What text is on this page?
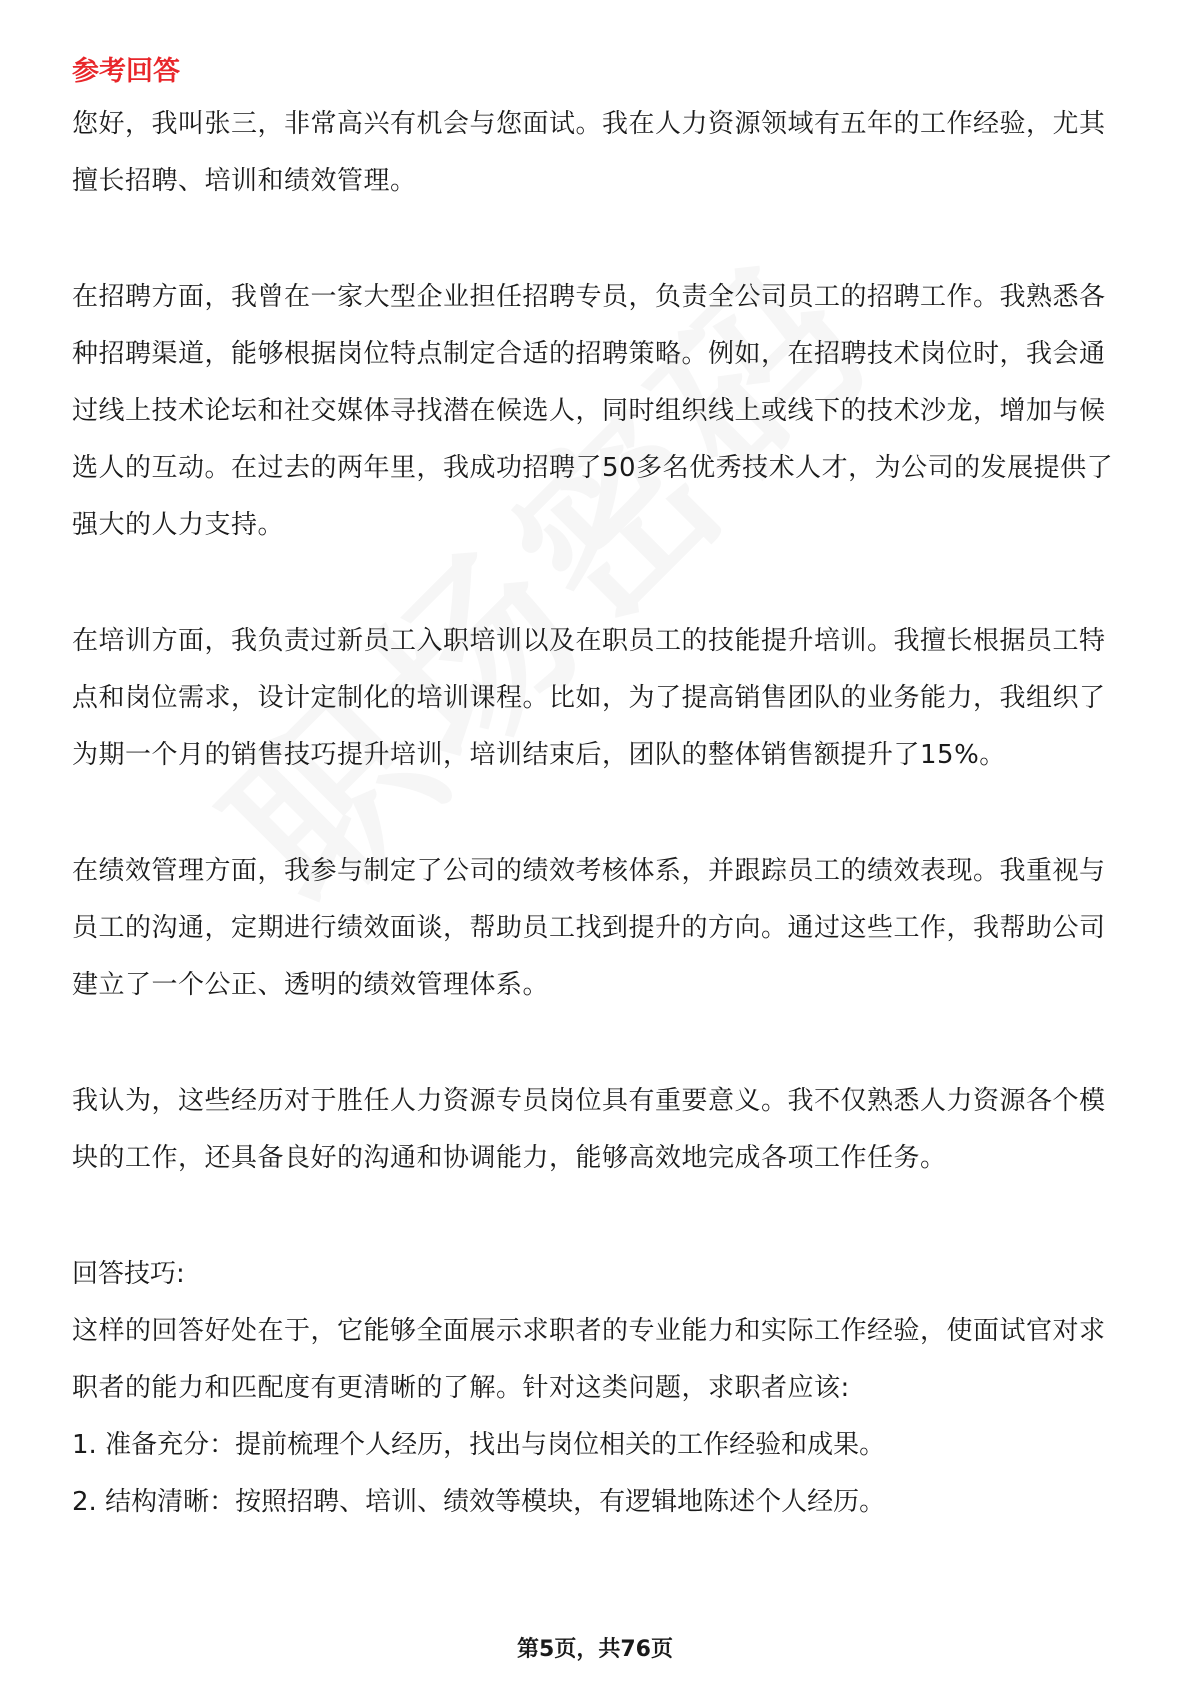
参考回答

您好，我叫张三，非常高兴有机会与您面试。我在人力资源领域有五年的工作经验，尤其擅长招聘、培训和绩效管理。

在招聘方面，我曾在一家大型企业担任招聘专员，负责全公司员工的招聘工作。我熟悉各种招聘渠道，能够根据岗位特点制定合适的招聘策略。例如，在招聘技术岗位时，我会通过线上技术论坛和社交媒体寻找潜在候选人，同时组织线上或线下的技术沙龙，增加与候选人的互动。在过去的两年里，我成功招聘了50多名优秀技术人才，为公司的发展提供了强大的人力支持。

在培训方面，我负责过新员工入职培训以及在职员工的技能提升培训。我擅长根据员工特点和岗位需求，设计定制化的培训课程。比如，为了提高销售团队的业务能力，我组织了为期一个月的销售技巧提升培训，培训结束后，团队的整体销售额提升了15%。

在绩效管理方面，我参与制定了公司的绩效考核体系，并跟踪员工的绩效表现。我重视与员工的沟通，定期进行绩效面谈，帮助员工找到提升的方向。通过这些工作，我帮助公司建立了一个公正、透明的绩效管理体系。

我认为，这些经历对于胜任人力资源专员岗位具有重要意义。我不仅熟悉人力资源各个模块的工作，还具备良好的沟通和协调能力，能够高效地完成各项工作任务。

回答技巧:

这样的回答好处在于，它能够全面展示求职者的专业能力和实际工作经验，使面试官对求职者的能力和匹配度有更清晰的了解。针对这类问题，求职者应该:

1. 准备充分：提前梳理个人经历，找出与岗位相关的工作经验和成果。

2. 结构清晰：按照招聘、培训、绩效等模块，有逻辑地陈述个人经历。

第5页，共76页
